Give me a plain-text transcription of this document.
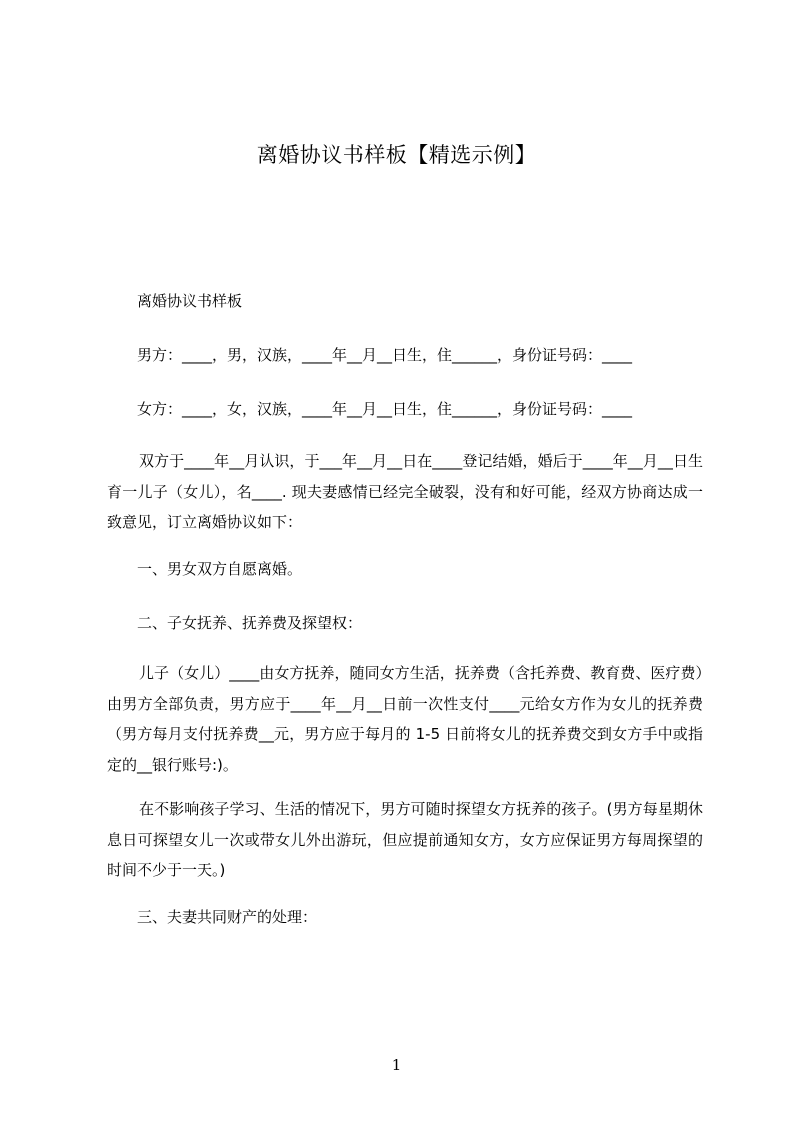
离婚协议书样板【精选示例】
离婚协议书样板
男方：____，男，汉族，____年__月__日生，住______，身份证号码：____
女方：____，女，汉族，____年__月__日生，住______，身份证号码：____
双方于____年__月认识，于___年__月__日在____登记结婚，婚后于____年__月__日生育一儿子（女儿），名____. 现夫妻感情已经完全破裂，没有和好可能，经双方协商达成一致意见，订立离婚协议如下：
一、男女双方自愿离婚。
二、子女抚养、抚养费及探望权：
儿子（女儿）____由女方抚养，随同女方生活，抚养费（含托养费、教育费、医疗费）由男方全部负责，男方应于____年__月__日前一次性支付____元给女方作为女儿的抚养费（男方每月支付抚养费__元，男方应于每月的 1-5 日前将女儿的抚养费交到女方手中或指定的__银行账号:)。
在不影响孩子学习、生活的情况下，男方可随时探望女方抚养的孩子。(男方每星期休息日可探望女儿一次或带女儿外出游玩，但应提前通知女方，女方应保证男方每周探望的时间不少于一天。)
三、夫妻共同财产的处理：
1
